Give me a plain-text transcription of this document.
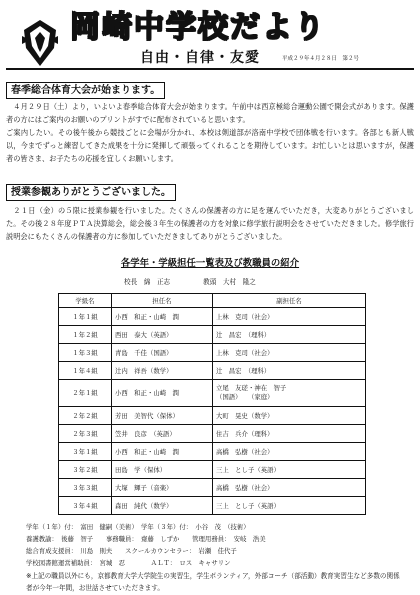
岡崎中学校だより
自由・自律・友愛	平成２９年４月２８日　第２号
春季総合体育大会が始まります。

　４月２９日（土）より，いよいよ春季総合体育大会が始まります。午前中は西京極総合運動公園で開会式があります。保護者の方にはご案内のお願いのプリントがすでに配布されていると思います。

ご案内したい。その後午後から競技ごとに会場が分かれ、本校は剣道部が洛南中学校で団体戦を行います。各部とも新人戦以，今までずっと練習してきた成果を十分に発揮して頑張ってくれることを期待しています。お忙しいとは思いますが，保護者の皆さま、お子たちの応援を宜しくお願いします。

授業参観ありがとうございました。

　２１日（金）の５限に授業参観を行いました。たくさんの保護者の方に足を運んでいただき，大変ありがとうございました。その後２８年度ＰＴＡ決算総会，総会後３年生の保護者の方を対象に修学旅行説明会をさせていただきました。修学旅行説明会にもたくさんの保護者の方に参加していただきましてありがとうございました。

各学年・学級担任一覧表及び教職員の紹介
校長　綿　正志　　　　　教頭　大村　隆之
学級名	担任名	副担任名
１年１組	小西　和正・山崎　潤	上林　克司（社会）
１年２組	西田　泰大（英語）	辻　昌宏　（理科）
１年３組	青島　千佳（国語）	上林　克司（社会）
１年４組	辻内　祥吾（数学）	辻　昌宏　（理科）
２年１組	小西　和正・山崎　潤	立尾　友瑳・神在　智子
（国語）　　（家庭）
２年２組	芳田　美智代（保体）	大町　晃史（数学）
２年３組	笠井　良彦　（英語）	住吉　兵介（理科）
３年１組	小西　和正・山崎　潤	高橋　弘樹（社会）
３年２組	田島　学（保体）	三上　とし子（英語）
３年３組	大塚　輝子（音楽）	高橋　弘樹（社会）
３年４組	森田　純代（数学）	三上　とし子（英語）
学年（１年）付：　富田　健嗣（美術）　学年（３年）付：　小谷　茂　（技術）
養護教諭：　後藤　智子　　事務職員：　齋藤　しずか　　管理用務員：　安岐　浩美
総合育成支援員：　川島　則夫　　スクールカウンセラー：　岩瀬　佳代子
学校図書館運営補助員：　宮城　忍　　　　ＡＬＴ：　ロス　キャサリン
※上記の職員以外にも，京都教育大学大学院生の実習生，学生ボランティア，外部コーチ（部活動）教育実習生など多数の関係者が今年一年間，お世話させていただきます。
